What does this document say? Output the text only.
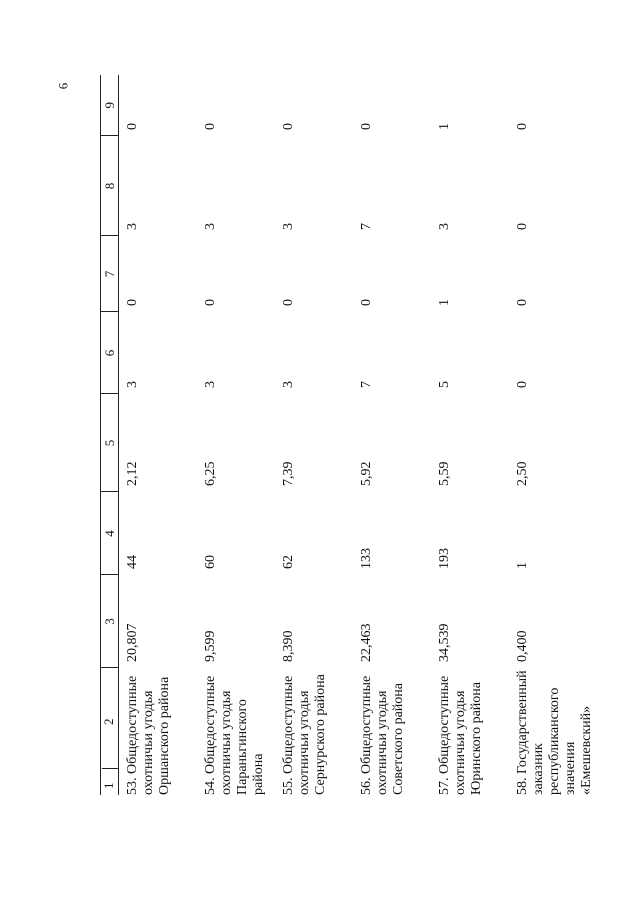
6
1  2	3	4	5	6	7	8	9
	53. Общедоступные охотничьи угодья Оршанского района	20,807	44	2,12	3	0	3	0
	54. Общедоступные охотничьи угодья Параньгинского района	9,599	60	6,25	3	0	3	0
	55. Общедоступные охотничьи угодья Сернурского района	8,390	62	7,39	3	0	3	0
	56. Общедоступные охотничьи угодья Советского района	22,463	133	5,92	7	0	7	0
	57. Общедоступные охотничьи угодья Юринского района	34,539	193	5,59	5	1	3	1
	58. Государственный заказник республиканского значения «Емешевский»	0,400	1	2,50	0	0	0	0
